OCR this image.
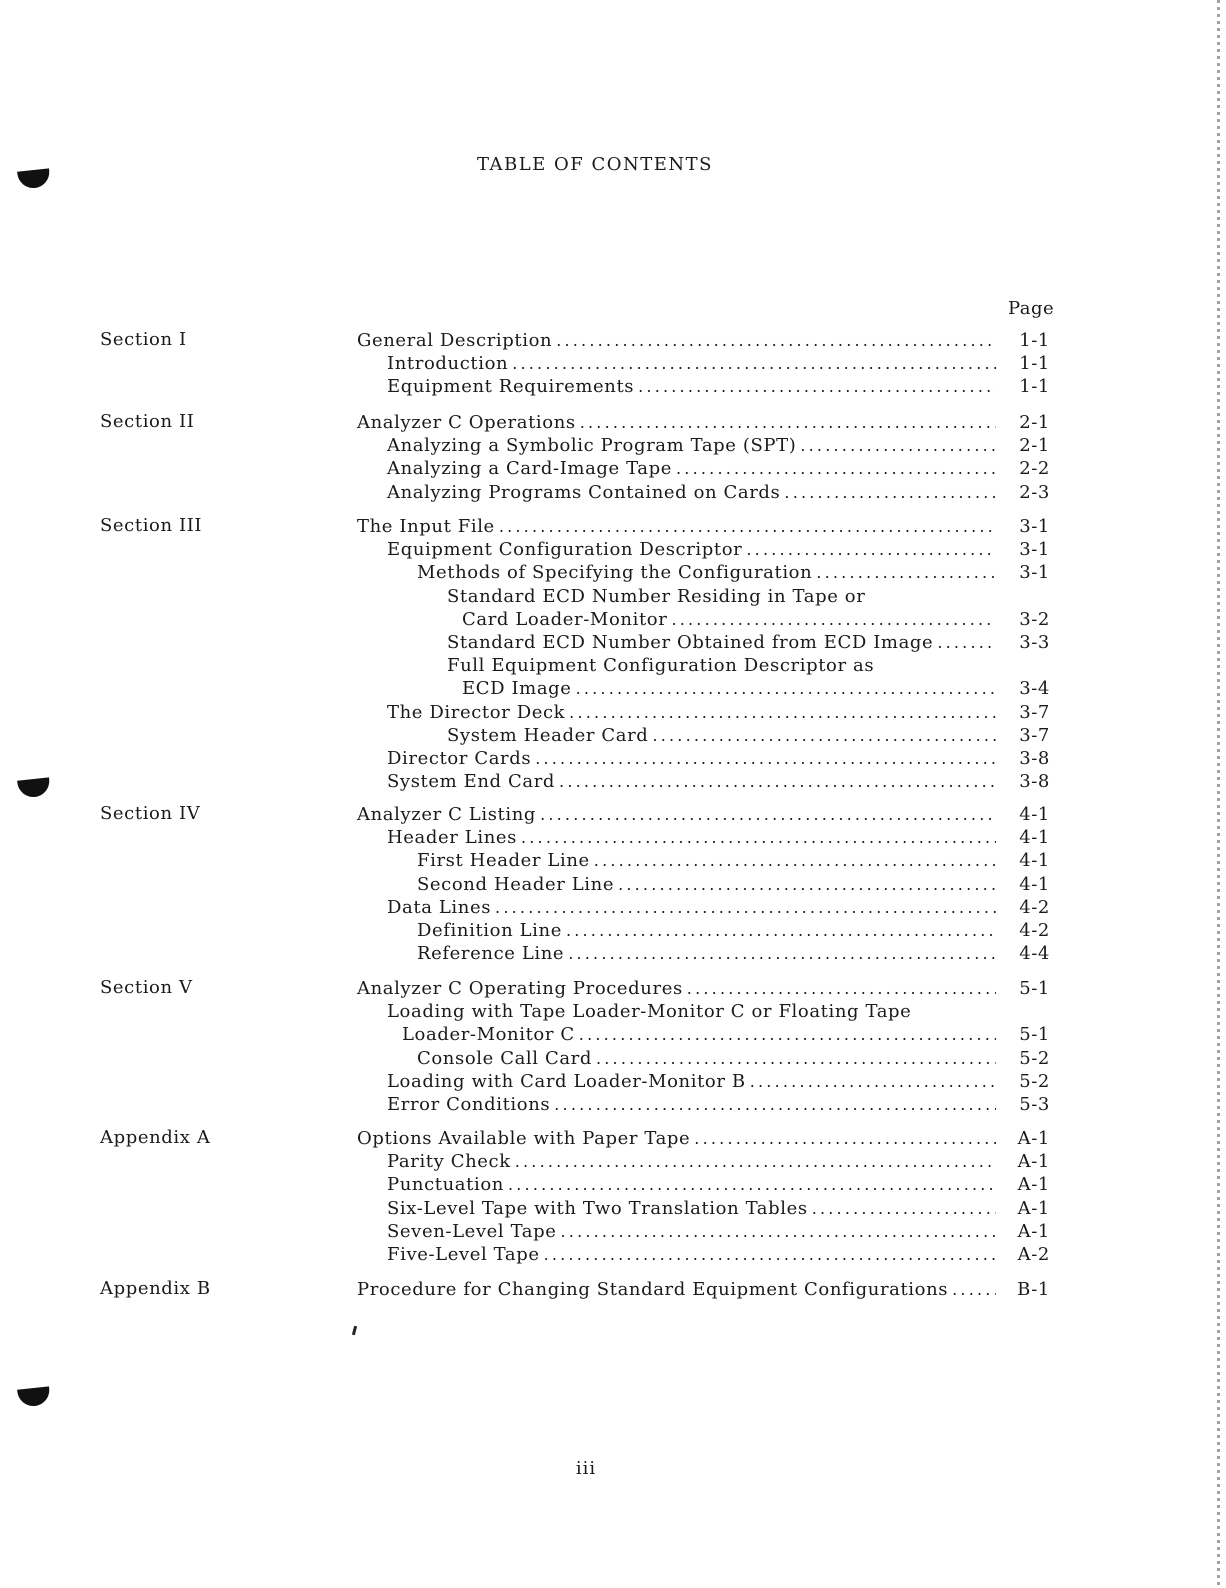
TABLE OF CONTENTS
Page
Section I	General Description .....	1-1
Introduction .....	1-1
Equipment Requirements .....	1-1
Section II	Analyzer C Operations .....	2-1
Analyzing a Symbolic Program Tape (SPT) .....	2-1
Analyzing a Card-Image Tape .....	2-2
Analyzing Programs Contained on Cards .....	2-3
Section III	The Input File .....	3-1
Equipment Configuration Descriptor .....	3-1
Methods of Specifying the Configuration .....	3-1
Standard ECD Number Residing in Tape or
Card Loader-Monitor .....	3-2
Standard ECD Number Obtained from ECD Image .....	3-3
Full Equipment Configuration Descriptor as
ECD Image .....	3-4
The Director Deck .....	3-7
System Header Card .....	3-7
Director Cards .....	3-8
System End Card .....	3-8
Section IV	Analyzer C Listing .....	4-1
Header Lines .....	4-1
First Header Line .....	4-1
Second Header Line .....	4-1
Data Lines .....	4-2
Definition Line .....	4-2
Reference Line .....	4-4
Section V	Analyzer C Operating Procedures .....	5-1
Loading with Tape Loader-Monitor C or Floating Tape
Loader-Monitor C .....	5-1
Console Call Card .....	5-2
Loading with Card Loader-Monitor B .....	5-2
Error Conditions .....	5-3
Appendix A	Options Available with Paper Tape .....	A-1
Parity Check .....	A-1
Punctuation .....	A-1
Six-Level Tape with Two Translation Tables .....	A-1
Seven-Level Tape .....	A-1
Five-Level Tape .....	A-2
Appendix B	Procedure for Changing Standard Equipment Configurations .....	B-1
iii
